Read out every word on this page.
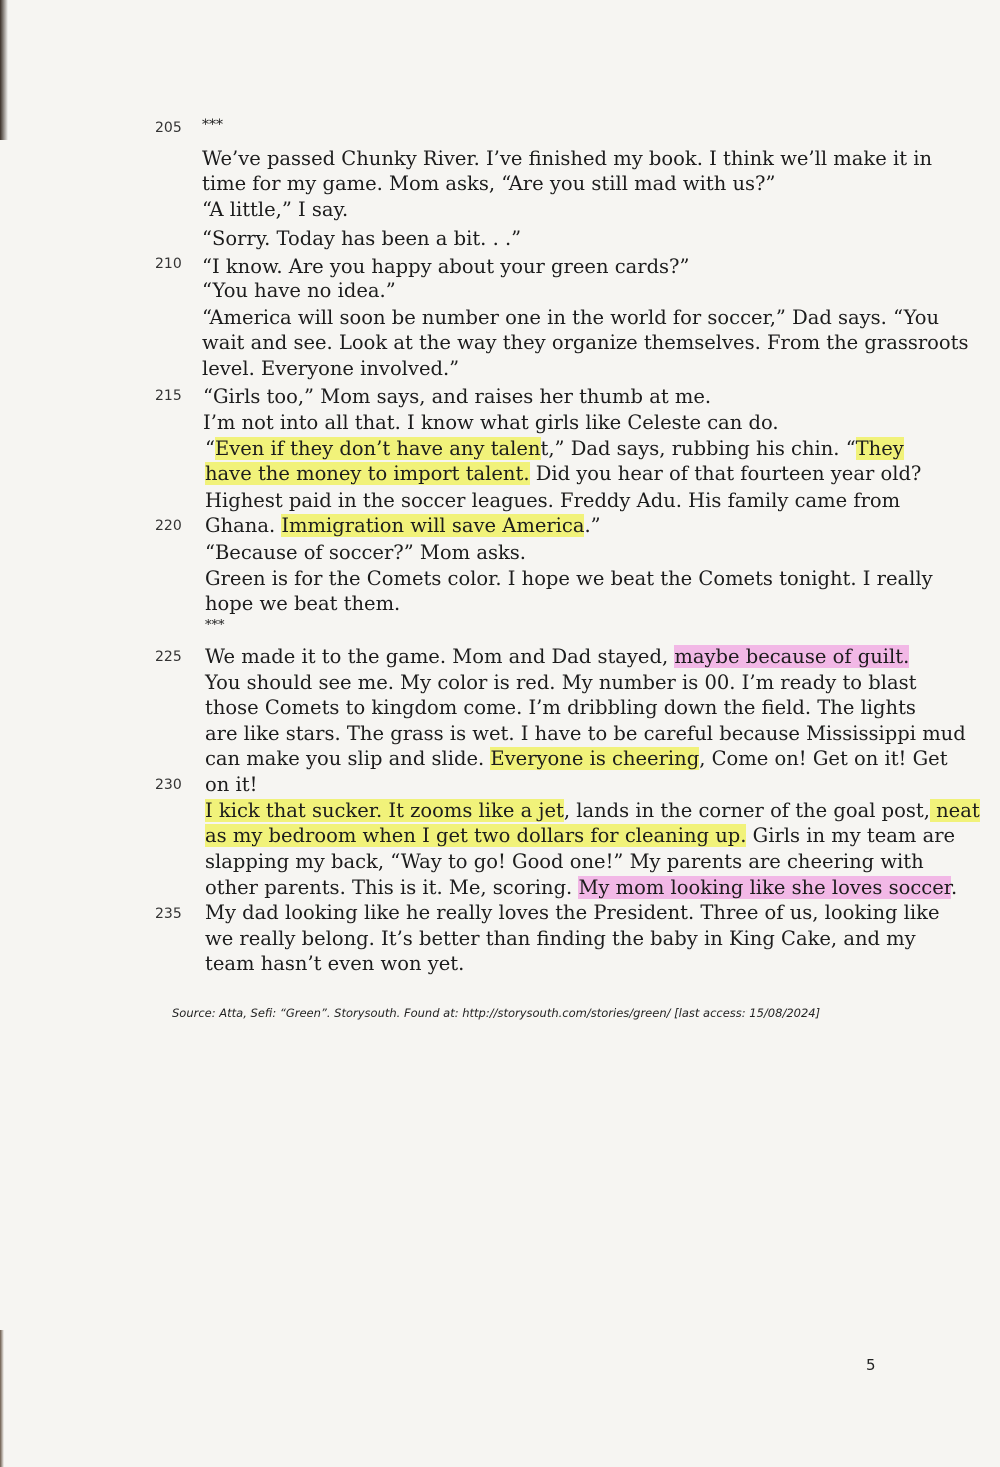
205
210
215
220
225
230
235
***
We’ve passed Chunky River. I’ve finished my book. I think we’ll make it in
time for my game. Mom asks, “Are you still mad with us?”
“A little,” I say.
“Sorry. Today has been a bit. . .”
“I know. Are you happy about your green cards?”
“You have no idea.”
“America will soon be number one in the world for soccer,” Dad says. “You
wait and see. Look at the way they organize themselves. From the grassroots
level. Everyone involved.”
“Girls too,” Mom says, and raises her thumb at me.
I’m not into all that. I know what girls like Celeste can do.
“Even if they don’t have any talent,” Dad says, rubbing his chin. “They
have the money to import talent. Did you hear of that fourteen year old?
Highest paid in the soccer leagues. Freddy Adu. His family came from
Ghana. Immigration will save America.”
“Because of soccer?” Mom asks.
Green is for the Comets color. I hope we beat the Comets tonight. I really
hope we beat them.
***
We made it to the game. Mom and Dad stayed, maybe because of guilt.
You should see me. My color is red. My number is 00. I’m ready to blast
those Comets to kingdom come. I’m dribbling down the field. The lights
are like stars. The grass is wet. I have to be careful because Mississippi mud
can make you slip and slide. Everyone is cheering, Come on! Get on it! Get
on it!
I kick that sucker. It zooms like a jet, lands in the corner of the goal post, neat
as my bedroom when I get two dollars for cleaning up. Girls in my team are
slapping my back, “Way to go! Good one!” My parents are cheering with
other parents. This is it. Me, scoring. My mom looking like she loves soccer.
My dad looking like he really loves the President. Three of us, looking like
we really belong. It’s better than finding the baby in King Cake, and my
team hasn’t even won yet.
Source: Atta, Sefi: “Green”. Storysouth. Found at: http://storysouth.com/stories/green/ [last access: 15/08/2024]
5
